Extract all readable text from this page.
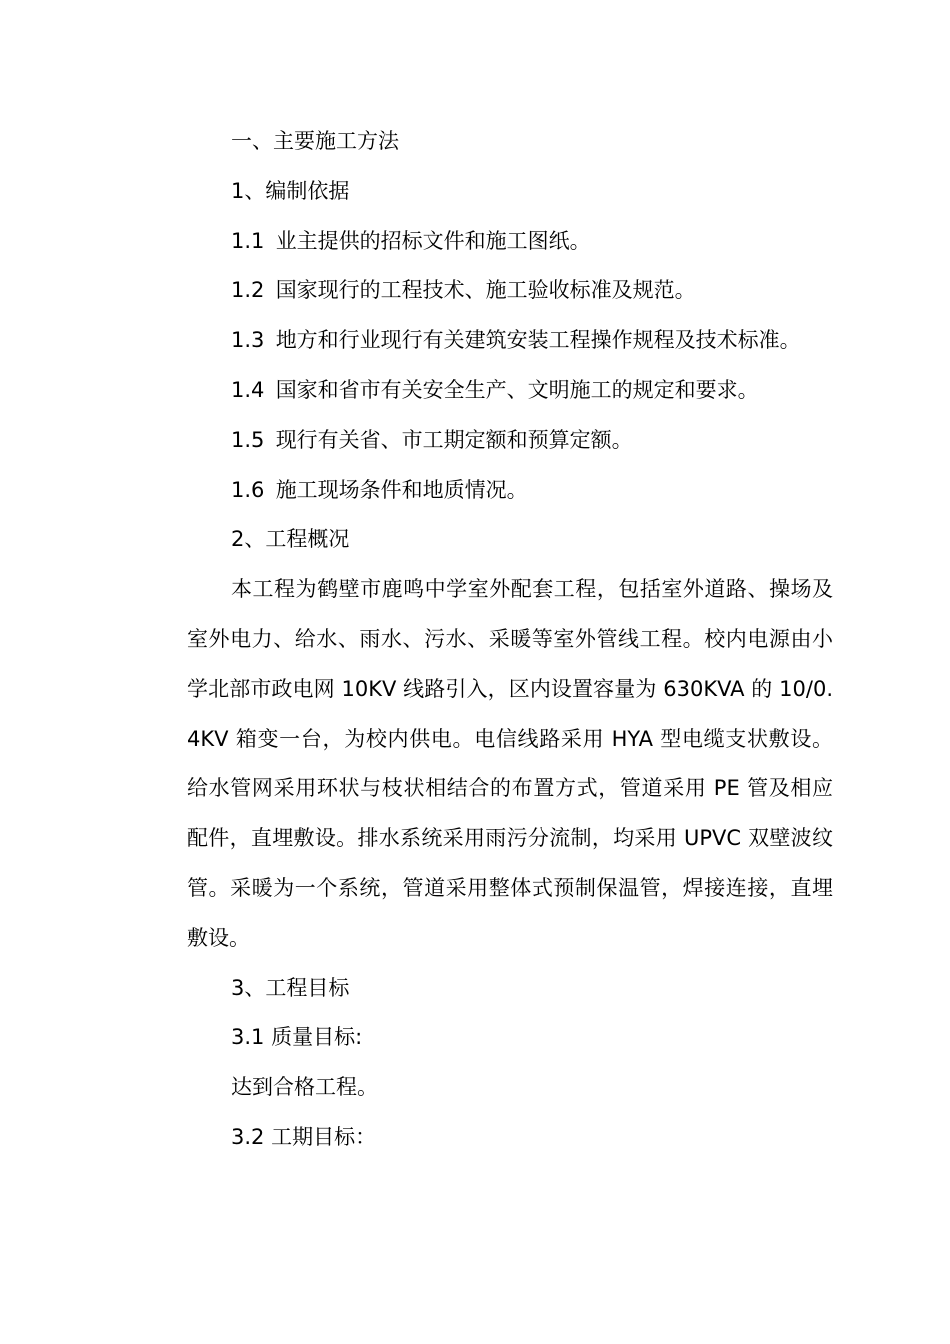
一、主要施工方法
1、编制依据
1.1 业主提供的招标文件和施工图纸。
1.2 国家现行的工程技术、施工验收标准及规范。
1.3 地方和行业现行有关建筑安装工程操作规程及技术标准。
1.4 国家和省市有关安全生产、文明施工的规定和要求。
1.5 现行有关省、市工期定额和预算定额。
1.6 施工现场条件和地质情况。
2、工程概况

本工程为鹤壁市鹿鸣中学室外配套工程，包括室外道路、操场及室外电力、给水、雨水、污水、采暖等室外管线工程。校内电源由小学北部市政电网 10KV 线路引入，区内设置容量为 630KVA 的 10/0.4KV 箱变一台，为校内供电。电信线路采用 HYA 型电缆支状敷设。给水管网采用环状与枝状相结合的布置方式，管道采用 PE 管及相应配件，直埋敷设。排水系统采用雨污分流制，均采用 UPVC 双壁波纹管。采暖为一个系统，管道采用整体式预制保温管，焊接连接，直埋敷设。

3、工程目标
3.1 质量目标:
达到合格工程。
3.2 工期目标：
